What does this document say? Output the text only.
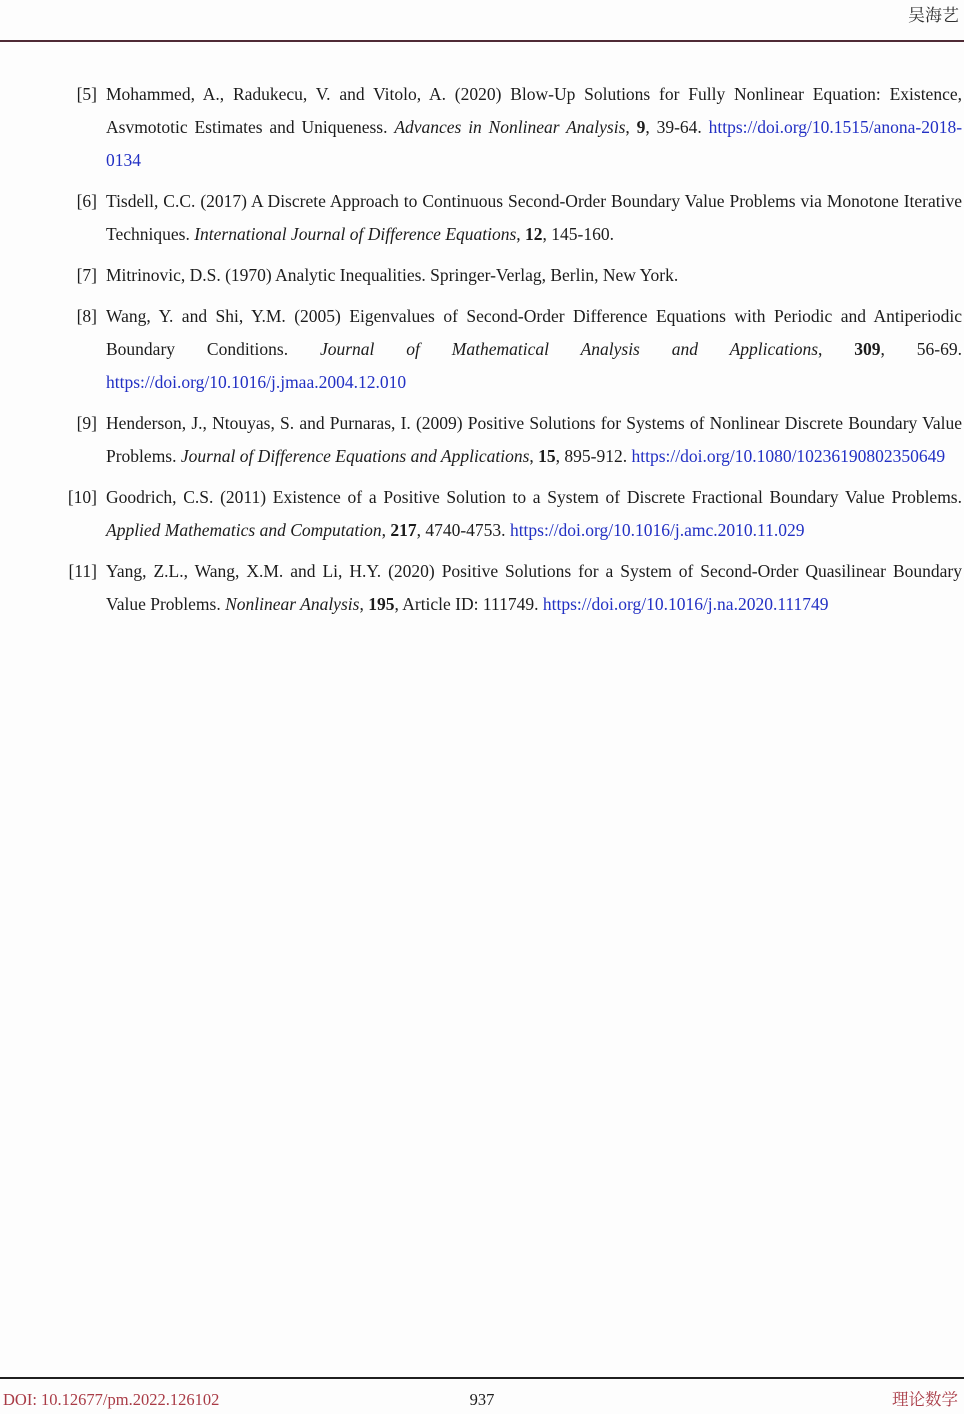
吴海艺
[5] Mohammed, A., Radukecu, V. and Vitolo, A. (2020) Blow-Up Solutions for Fully Nonlinear Equation: Existence, Asvmototic Estimates and Uniqueness. Advances in Nonlinear Analysis, 9, 39-64. https://doi.org/10.1515/anona-2018-0134

[6] Tisdell, C.C. (2017) A Discrete Approach to Continuous Second-Order Boundary Value Problems via Monotone Iterative Techniques. International Journal of Difference Equations, 12, 145-160.

[7] Mitrinovic, D.S. (1970) Analytic Inequalities. Springer-Verlag, Berlin, New York.

[8] Wang, Y. and Shi, Y.M. (2005) Eigenvalues of Second-Order Difference Equations with Periodic and Antiperiodic Boundary Conditions. Journal of Mathematical Analysis and Applications, 309, 56-69. https://doi.org/10.1016/j.jmaa.2004.12.010

[9] Henderson, J., Ntouyas, S. and Purnaras, I. (2009) Positive Solutions for Systems of Nonlinear Discrete Boundary Value Problems. Journal of Difference Equations and Applications, 15, 895-912. https://doi.org/10.1080/10236190802350649

[10] Goodrich, C.S. (2011) Existence of a Positive Solution to a System of Discrete Fractional Boundary Value Problems. Applied Mathematics and Computation, 217, 4740-4753. https://doi.org/10.1016/j.amc.2010.11.029

[11] Yang, Z.L., Wang, X.M. and Li, H.Y. (2020) Positive Solutions for a System of Second-Order Quasilinear Boundary Value Problems. Nonlinear Analysis, 195, Article ID: 111749. https://doi.org/10.1016/j.na.2020.111749

DOI: 10.12677/pm.2022.126102	937	理论数学
